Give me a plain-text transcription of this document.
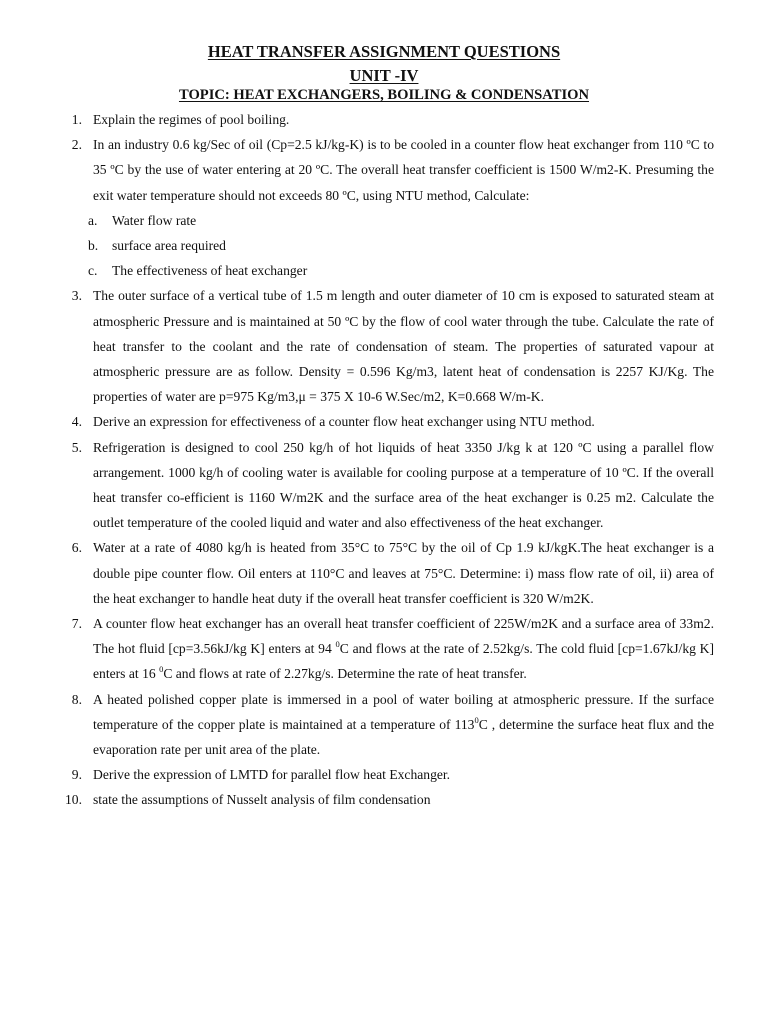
HEAT TRANSFER ASSIGNMENT QUESTIONS
UNIT -IV
TOPIC: HEAT EXCHANGERS, BOILING & CONDENSATION
1. Explain the regimes of pool boiling.
2. In an industry 0.6 kg/Sec of oil (Cp=2.5 kJ/kg-K) is to be cooled in a counter flow heat exchanger from 110 ºC to 35 ºC by the use of water entering at 20 ºC. The overall heat transfer coefficient is 1500 W/m2-K. Presuming the exit water temperature should not exceeds 80 ºC, using NTU method, Calculate:
a. Water flow rate
b. surface area required
c. The effectiveness of heat exchanger
3. The outer surface of a vertical tube of 1.5 m length and outer diameter of 10 cm is exposed to saturated steam at atmospheric Pressure and is maintained at 50 ºC by the flow of cool water through the tube. Calculate the rate of heat transfer to the coolant and the rate of condensation of steam. The properties of saturated vapour at atmospheric pressure are as follow. Density = 0.596 Kg/m3, latent heat of condensation is 2257 KJ/Kg. The properties of water are p=975 Kg/m3,μ = 375 X 10-6 W.Sec/m2, K=0.668 W/m-K.
4. Derive an expression for effectiveness of a counter flow heat exchanger using NTU method.
5. Refrigeration is designed to cool 250 kg/h of hot liquids of heat 3350 J/kg k at 120 ºC using a parallel flow arrangement. 1000 kg/h of cooling water is available for cooling purpose at a temperature of 10 ºC. If the overall heat transfer co-efficient is 1160 W/m2K and the surface area of the heat exchanger is 0.25 m2. Calculate the outlet temperature of the cooled liquid and water and also effectiveness of the heat exchanger.
6. Water at a rate of 4080 kg/h is heated from 35°C to 75°C by the oil of Cp 1.9 kJ/kgK.The heat exchanger is a double pipe counter flow. Oil enters at 110°C and leaves at 75°C. Determine: i) mass flow rate of oil, ii) area of the heat exchanger to handle heat duty if the overall heat transfer coefficient is 320 W/m2K.
7. A counter flow heat exchanger has an overall heat transfer coefficient of 225W/m2K and a surface area of 33m2. The hot fluid [cp=3.56kJ/kg K] enters at 94 $^0$C and flows at the rate of 2.52kg/s. The cold fluid [cp=1.67kJ/kg K] enters at 16 $^0$C and flows at rate of 2.27kg/s. Determine the rate of heat transfer.
8. A heated polished copper plate is immersed in a pool of water boiling at atmospheric pressure. If the surface temperature of the copper plate is maintained at a temperature of $113^0C$ , determine the surface heat flux and the evaporation rate per unit area of the plate.
9. Derive the expression of LMTD for parallel flow heat Exchanger.
10. state the assumptions of Nusselt analysis of film condensation
